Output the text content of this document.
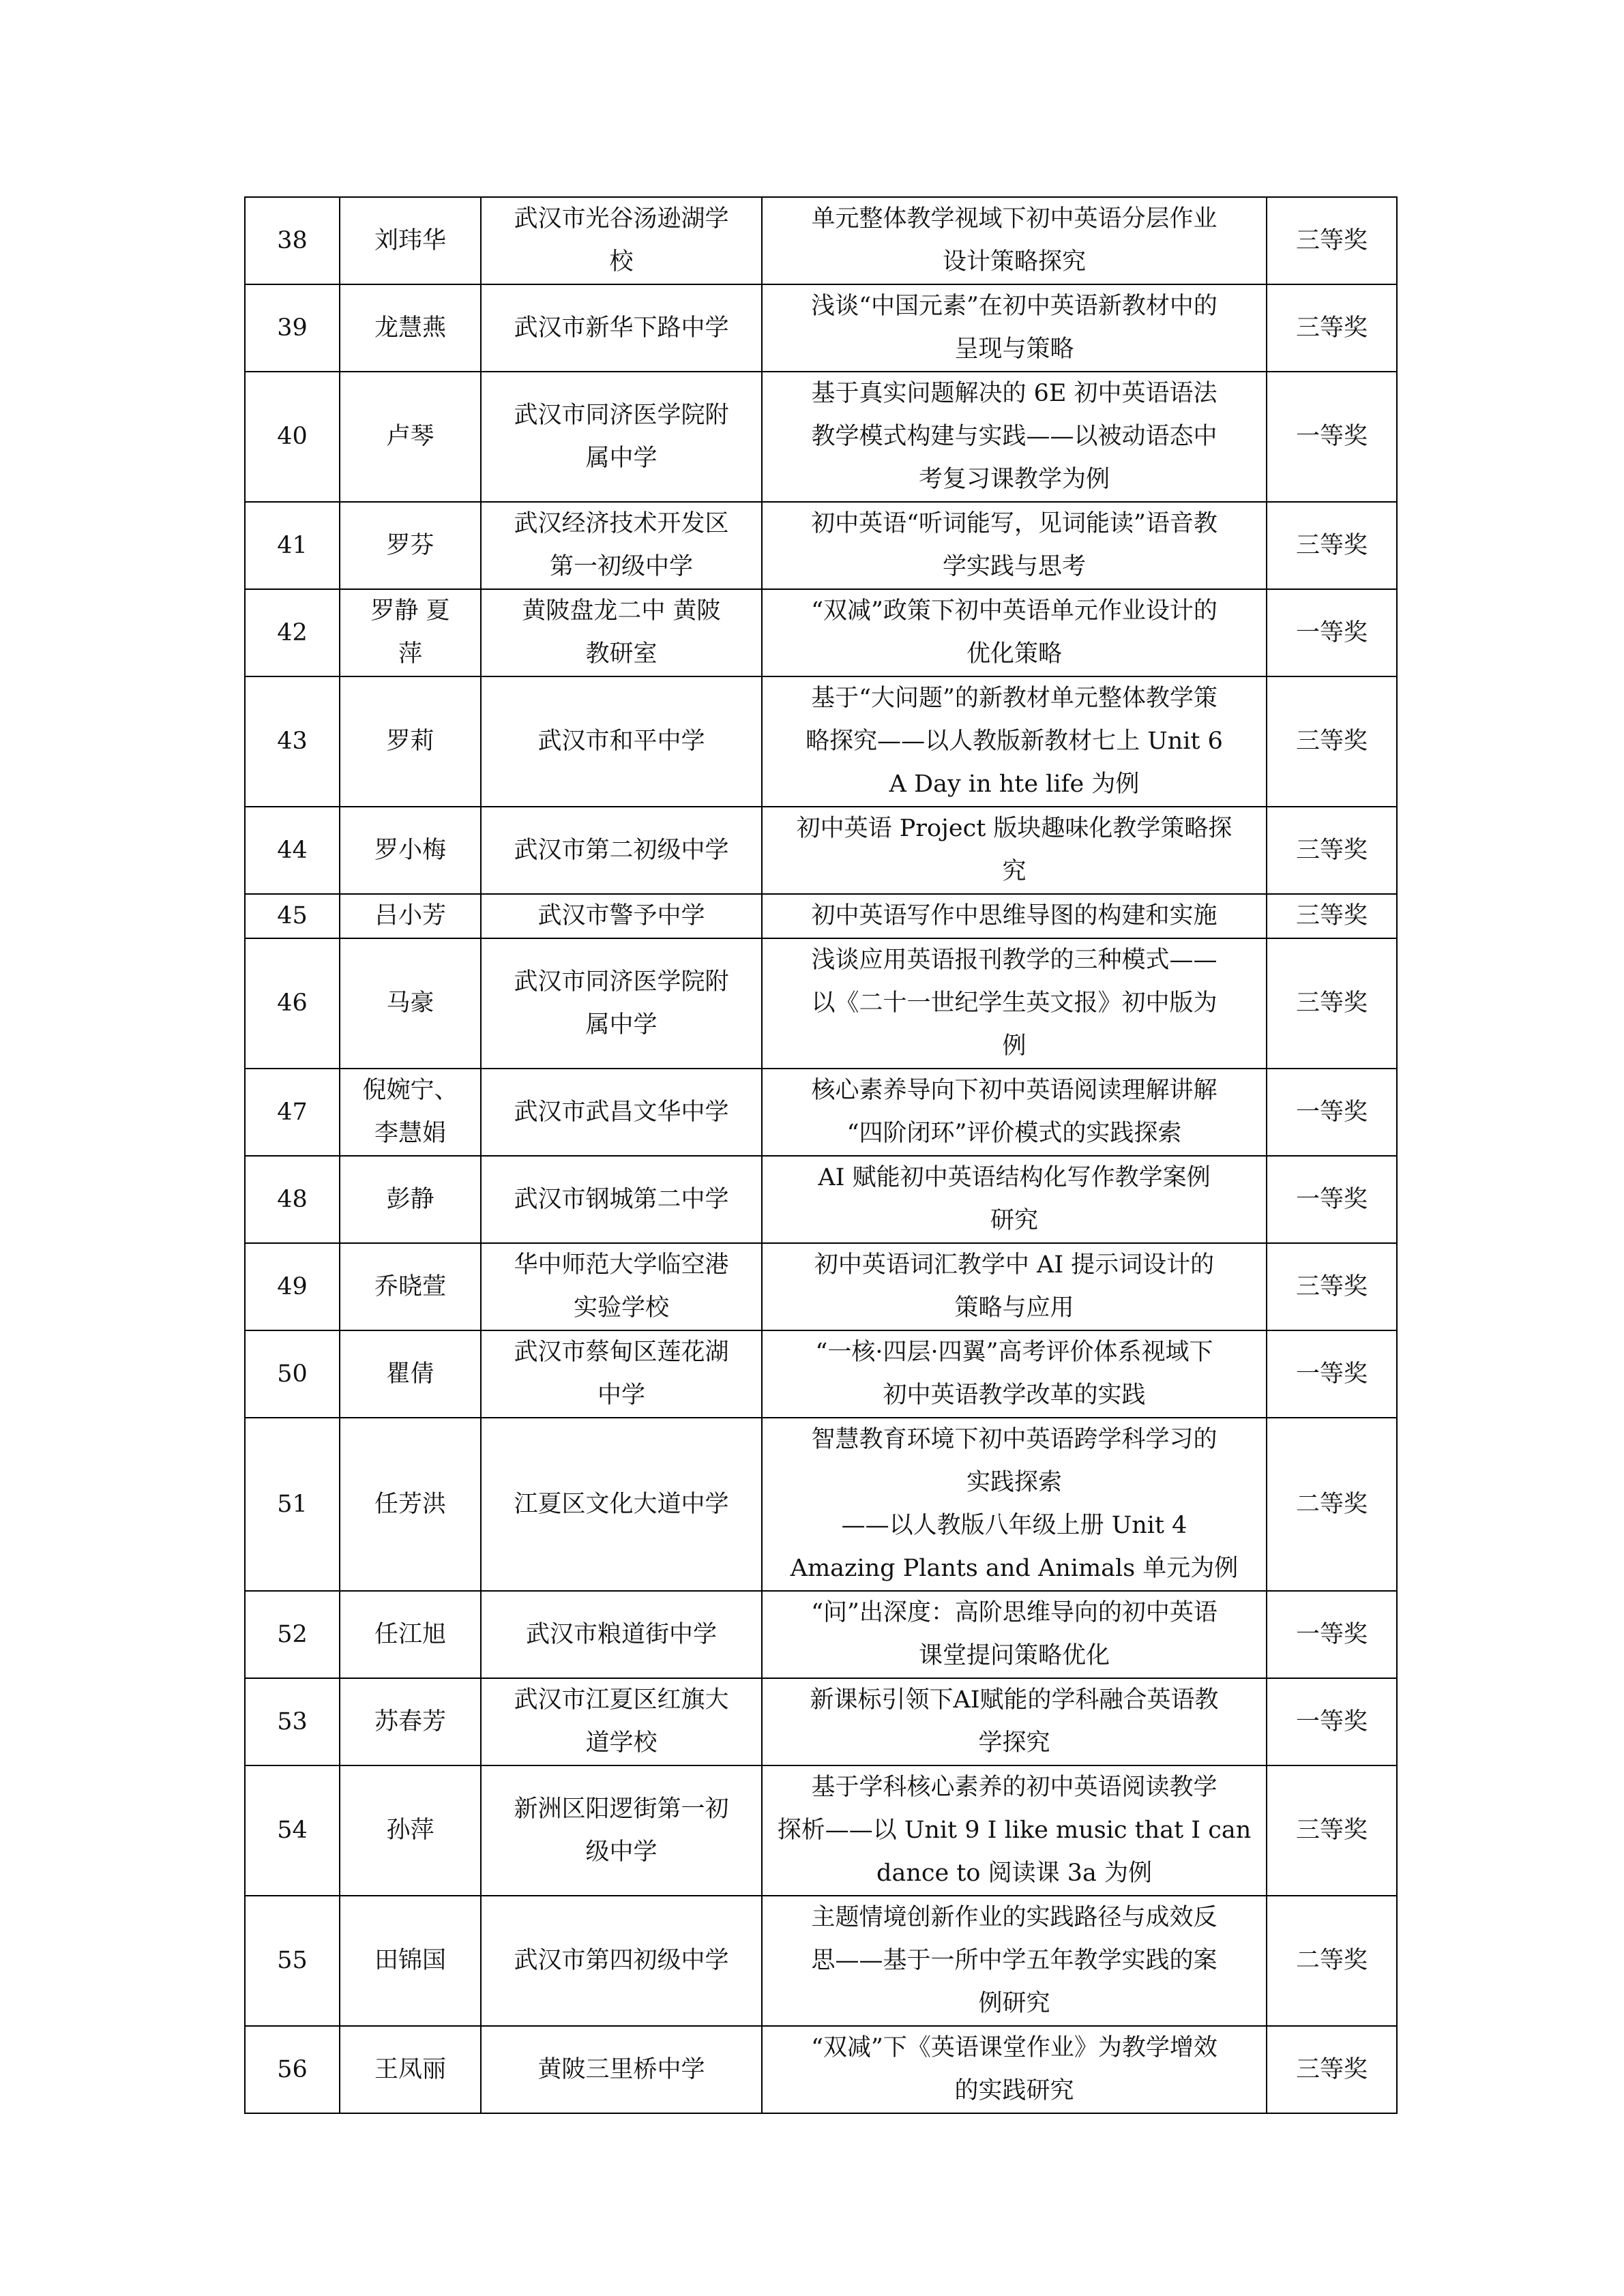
38	刘玮华	武汉市光谷汤逊湖学
校	单元整体教学视域下初中英语分层作业
设计策略探究	三等奖
39	龙慧燕	武汉市新华下路中学	浅谈“中国元素”在初中英语新教材中的
呈现与策略	三等奖
40	卢琴	武汉市同济医学院附
属中学	基于真实问题解决的 6E 初中英语语法
教学模式构建与实践——以被动语态中
考复习课教学为例	一等奖
41	罗芬	武汉经济技术开发区
第一初级中学	初中英语“听词能写，见词能读”语音教
学实践与思考	三等奖
42	罗静 夏
萍	黄陂盘龙二中 黄陂
教研室	“双减”政策下初中英语单元作业设计的
优化策略	一等奖
43	罗莉	武汉市和平中学	基于“大问题”的新教材单元整体教学策
略探究——以人教版新教材七上 Unit 6
A Day in hte life 为例	三等奖
44	罗小梅	武汉市第二初级中学	初中英语 Project 版块趣味化教学策略探
究	三等奖
45	吕小芳	武汉市警予中学	初中英语写作中思维导图的构建和实施	三等奖
46	马豪	武汉市同济医学院附
属中学	浅谈应用英语报刊教学的三种模式——
以《二十一世纪学生英文报》初中版为
例	三等奖
47	倪婉宁、
李慧娟	武汉市武昌文华中学	核心素养导向下初中英语阅读理解讲解
“四阶闭环”评价模式的实践探索	一等奖
48	彭静	武汉市钢城第二中学	AI 赋能初中英语结构化写作教学案例
研究	一等奖
49	乔晓萱	华中师范大学临空港
实验学校	初中英语词汇教学中 AI 提示词设计的
策略与应用	三等奖
50	瞿倩	武汉市蔡甸区莲花湖
中学	“一核·四层·四翼”高考评价体系视域下
初中英语教学改革的实践	一等奖
51	任芳洪	江夏区文化大道中学	智慧教育环境下初中英语跨学科学习的
实践探索
——以人教版八年级上册 Unit 4
Amazing Plants and Animals 单元为例	二等奖
52	任江旭	武汉市粮道街中学	“问”出深度：高阶思维导向的初中英语
课堂提问策略优化	一等奖
53	苏春芳	武汉市江夏区红旗大
道学校	新课标引领下AI赋能的学科融合英语教
学探究	一等奖
54	孙萍	新洲区阳逻街第一初
级中学	基于学科核心素养的初中英语阅读教学
探析——以 Unit 9 I like music that I can
dance to 阅读课 3a 为例	三等奖
55	田锦国	武汉市第四初级中学	主题情境创新作业的实践路径与成效反
思——基于一所中学五年教学实践的案
例研究	二等奖
56	王凤丽	黄陂三里桥中学	“双减”下《英语课堂作业》为教学增效
的实践研究	三等奖
